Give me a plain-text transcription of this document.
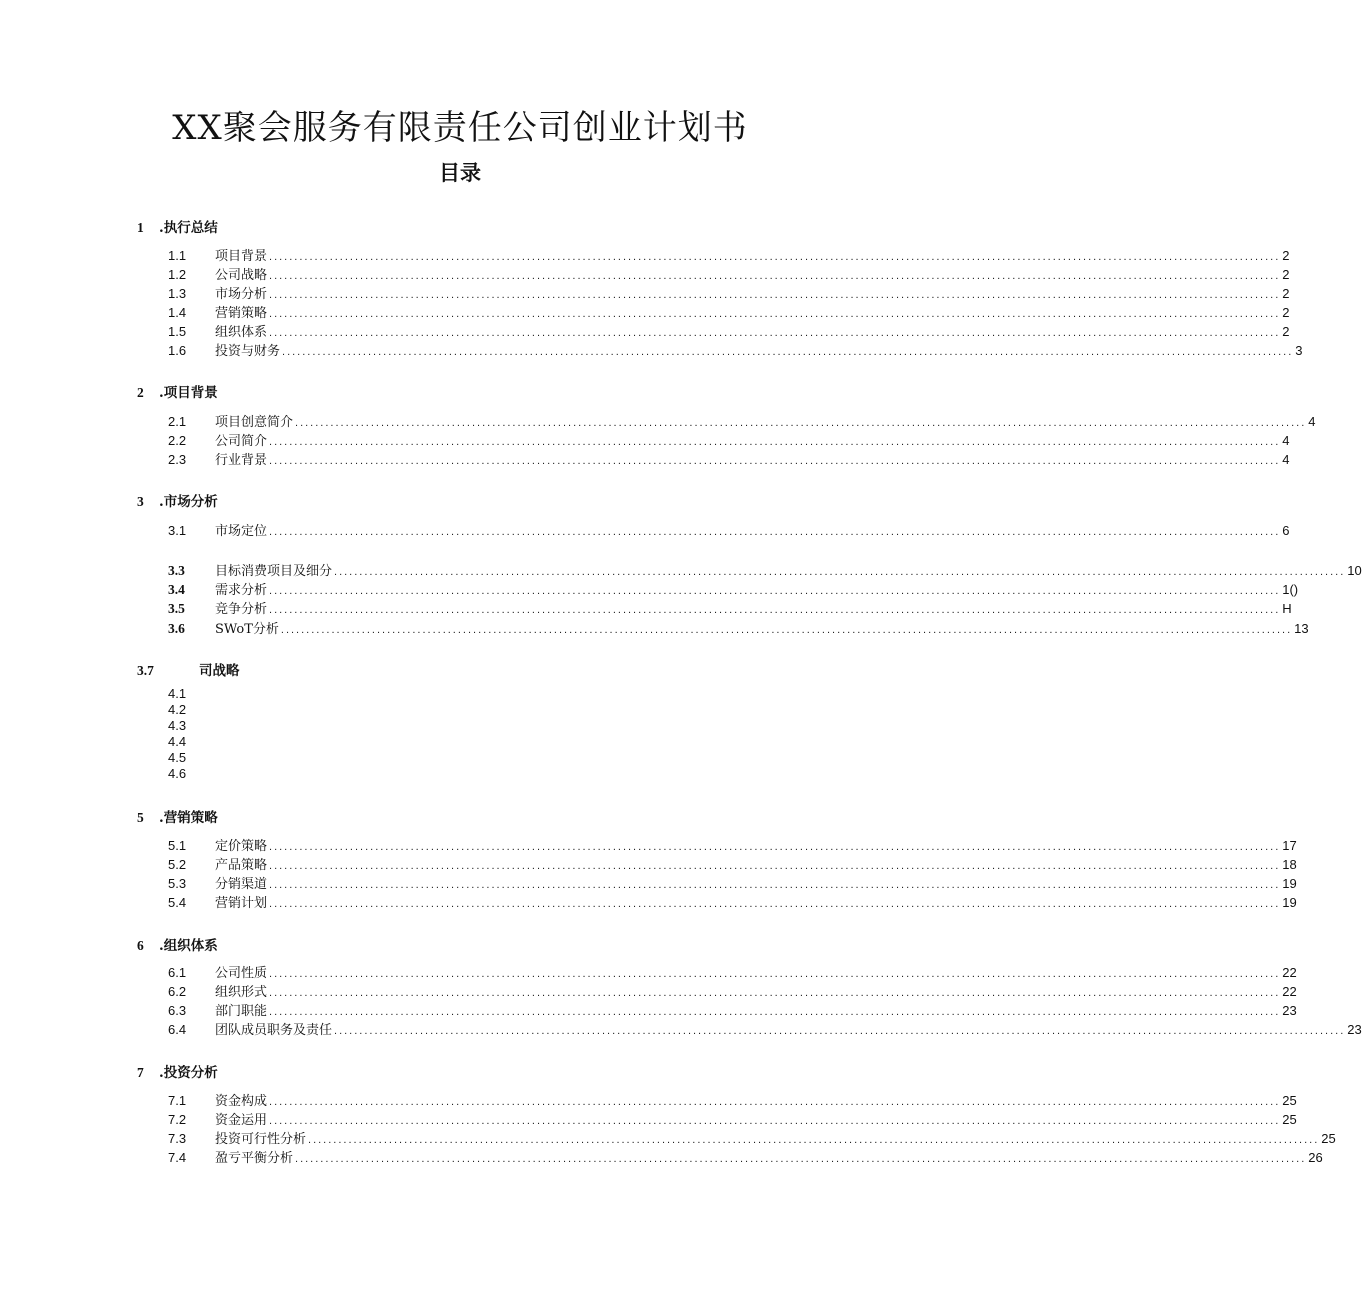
XX聚会服务有限责任公司创业计划书
目录
1 .执行总结
2 .项目背景
3 .市场分析
3.7	司战略
5 .营销策略
6 .组织体系
7 .投资分析
1.1	项目背景 ........................................................................................................................................................................................................ 2
1.2	公司战略 ........................................................................................................................................................................................................ 2
1.3	市场分析 ........................................................................................................................................................................................................ 2
1.4	营销策略 ........................................................................................................................................................................................................ 2
1.5	组织体系 ........................................................................................................................................................................................................ 2
1.6	投资与财务 ........................................................................................................................................................................................................ 3
2.1	项目创意简介 ........................................................................................................................................................................................................ 4
2.2	公司简介 ........................................................................................................................................................................................................ 4
2.3	行业背景 ........................................................................................................................................................................................................ 4
3.1	市场定位 ........................................................................................................................................................................................................ 6
3.3	目标消费项目及细分 ........................................................................................................................................................................................................ 10
3.4	需求分析 ........................................................................................................................................................................................................ 1()
3.5	竞争分析 ........................................................................................................................................................................................................ H
3.6	SWoT分析 ........................................................................................................................................................................................................ 13
4.1
4.2
4.3
4.4
4.5
4.6
5.1	定价策略 ........................................................................................................................................................................................................ 17
5.2	产品策略 ........................................................................................................................................................................................................ 18
5.3	分销渠道 ........................................................................................................................................................................................................ 19
5.4	营销计划 ........................................................................................................................................................................................................ 19
6.1	公司性质 ........................................................................................................................................................................................................ 22
6.2	组织形式 ........................................................................................................................................................................................................ 22
6.3	部门职能 ........................................................................................................................................................................................................ 23
6.4	团队成员职务及责任 ........................................................................................................................................................................................................ 23
7.1	资金构成 ........................................................................................................................................................................................................ 25
7.2	资金运用 ........................................................................................................................................................................................................ 25
7.3	投资可行性分析 ........................................................................................................................................................................................................ 25
7.4	盈亏平衡分析 ........................................................................................................................................................................................................ 26
